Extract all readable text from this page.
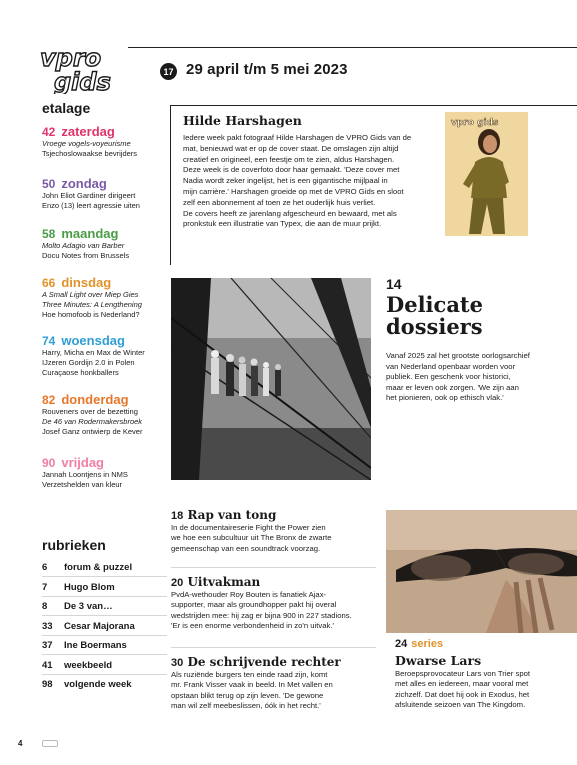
vpro
gids	17 29 april t/m 5 mei 2023
etalage
42 zaterdag
Vroege vogels-voyeurisme
Tsjechoslowaakse bevrijders
50 zondag
John Eliot Gardiner dirigeert
Enzo (13) leert agressie uiten
58 maandag
Molto Adagio van Barber
Docu Notes from Brussels
66 dinsdag
A Small Light over Miep Gies
Three Minutes: A Lengthening
Hoe homofoob is Nederland?
74 woensdag
Harry, Micha en Max de Winter
IJzeren Gordijn 2.0 in Polen
Curaçaose honkballers
82 donderdag
Rouveners over de bezetting
De 46 van Rodermakersbroek
Josef Ganz ontwierp de Kever
90 vrijdag
Jannah Loontjens in NMS
Verzetshelden van kleur
rubrieken
6	forum & puzzel
7	Hugo Blom
8	De 3 van…
33	Cesar Majorana
37	Ine Boermans
41	weekbeeld
98	volgende week
Hilde Harshagen
Iedere week pakt fotograaf Hilde Harshagen de VPRO Gids van de
mat, benieuwd wat er op de cover staat. De omslagen zijn altijd
creatief en origineel, een feestje om te zien, aldus Harshagen.
Deze week is de coverfoto door haar gemaakt. 'Deze cover met
Nadia wordt zeker ingelijst, het is een gigantische mijlpaal in
mijn carrière.' Harshagen groeide op met de VPRO Gids en sloot
zelf een abonnement af toen ze het ouderlijk huis verliet.
De covers heeft ze jarenlang afgescheurd en bewaard, met als
pronkstuk een illustratie van Typex, die aan de muur prijkt.
vpro gids
14
Delicate
dossiers
Vanaf 2025 zal het grootste oorlogsarchief
van Nederland openbaar worden voor
publiek. Een geschenk voor historici,
maar er leven ook zorgen. 'We zijn aan
het pionieren, ook op ethisch vlak.'
18 Rap van tong
In de documentaireserie Fight the Power zien
we hoe een subcultuur uit The Bronx de zwarte
gemeenschap van een soundtrack voorzag.
20 Uitvakman
PvdA-wethouder Roy Bouten is fanatiek Ajax-
supporter, maar als groundhopper pakt hij overal
wedstrijden mee: hij zag er bijna 900 in 227 stadions.
'Er is een enorme verbondenheid in zo'n uitvak.'
30 De schrijvende rechter
Als ruziënde burgers ten einde raad zijn, komt
mr. Frank Visser vaak in beeld. In Met vallen en
opstaan blikt terug op zijn leven. 'De gewone
man wil zelf meebeslissen, óók in het recht.'
24 series
Dwarse Lars
Beroepsprovocateur Lars von Trier spot
met alles en iedereen, maar vooral met
zichzelf. Dat doet hij ook in Exodus, het
afsluitende seizoen van The Kingdom.
4
